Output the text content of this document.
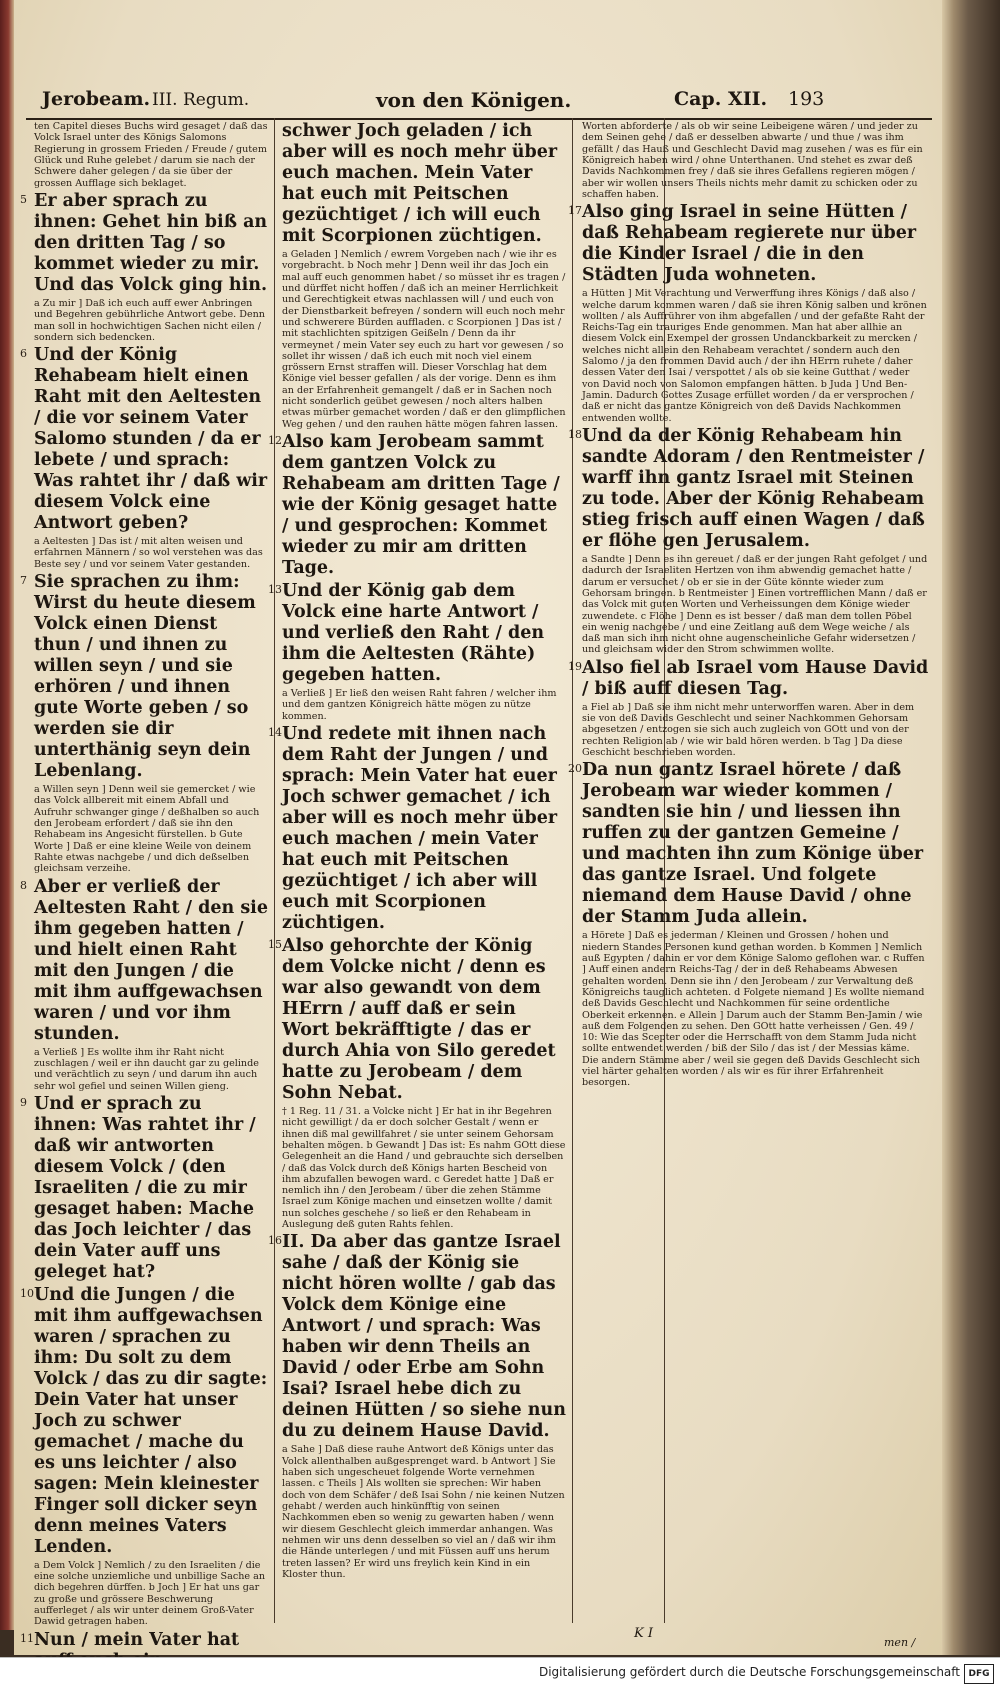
Jerobeam. III. Regum.	von den Königen.	Cap. XII. 193
ten Capitel dieses Buchs wird gesaget / daß das Volck Israel unter des Königs Salomons Regierung in grossem Frieden / Freude / gutem Glück und Ruhe gelebet / darum sie nach der Schwere daher gelegen / da sie über der grossen Aufflage sich beklaget.
5 Er aber sprach zu ihnen: Gehet hin biß an den dritten Tag / so kommet wieder zu mir. Und das Volck ging hin.
a Zu mir ] Daß ich euch auff ewer Anbringen und Begehren gebührliche Antwort gebe. Denn man soll in hochwichtigen Sachen nicht eilen / sondern sich bedencken.
6 Und der König Rehabeam hielt einen Raht mit den Aeltesten / die vor seinem Vater Salomo stunden / da er lebete / und sprach: Was rahtet ihr / daß wir diesem Volck eine Antwort geben?
a Aeltesten ] Das ist / mit alten weisen und erfahrnen Männern / so wol verstehen was das Beste sey / und vor seinem Vater gestanden.
7 Sie sprachen zu ihm: Wirst du heute diesem Volck einen Dienst thun / und ihnen zu willen seyn / und sie erhören / und ihnen gute Worte geben / so werden sie dir unterthänig seyn dein Lebenlang.
a Willen seyn ] Denn weil sie gemercket / wie das Volck allbereit mit einem Abfall und Aufruhr schwanger ginge / deßhalben so auch den Jerobeam erfordert / daß sie ihn den Rehabeam ins Angesicht fürstellen. b Gute Worte ] Daß er eine kleine Weile von deinem Rahte etwas nachgebe / und dich deßselben gleichsam verzeihe.
8 Aber er verließ der Aeltesten Raht / den sie ihm gegeben hatten / und hielt einen Raht mit den Jungen / die mit ihm auffgewachsen waren / und vor ihm stunden.
a Verließ ] Es wollte ihm ihr Raht nicht zuschlagen / weil er ihn daucht gar zu gelinde und verächtlich zu seyn / und darum ihn auch sehr wol gefiel und seinen Willen gieng.
9 Und er sprach zu ihnen: Was rahtet ihr / daß wir antworten diesem Volck / (den Israeliten / die zu mir gesaget haben: Mache das Joch leichter / das dein Vater auff uns geleget hat?
10 Und die Jungen / die mit ihm auffgewachsen waren / sprachen zu ihm: Du solt zu dem Volck / das zu dir sagte: Dein Vater hat unser Joch zu schwer gemachet / mache du es uns leichter / also sagen: Mein kleinester Finger soll dicker seyn denn meines Vaters Lenden.
a Dem Volck ] Nemlich / zu den Israeliten / die eine solche unziemliche und unbillige Sache an dich begehren dürffen. b Joch ] Er hat uns gar zu große und grössere Beschwerung aufferleget / als wir unter deinem Groß-Vater Dawid getragen haben.
11 Nun / mein Vater hat
schwer Joch geladen / ich aber will es noch mehr über euch machen. Mein Vater hat euch mit Peitschen gezüchtiget / ich will euch mit Scorpionen züchtigen.
a Geladen ] Nemlich / ewrem Vorgeben nach / wie ihr es vorgebracht. b Noch mehr ] Denn weil ihr das Joch ein mal auff euch genommen habet / so müsset ihr es tragen / und dürffet nicht hoffen / daß ich an meiner Herrlichkeit und Gerechtigkeit etwas nachlassen will / und euch von der Dienstbarkeit befreyen / sondern will euch noch mehr und schwerere Bürden auffladen. c Scorpionen ] Das ist / mit stachlichten spitzigen Geißeln / Denn da ihr vermeynet / mein Vater sey euch zu hart vor gewesen / so sollet ihr wissen / daß ich euch mit noch viel einem grössern Ernst straffen will. Dieser Vorschlag hat dem Könige viel besser gefallen / als der vorige. Denn es ihm an der Erfahrenheit gemangelt / daß er in Sachen noch nicht sonderlich geübet gewesen / noch alters halben etwas mürber gemachet worden / daß er den glimpflichen Weg gehen / und den rauhen hätte mögen fahren lassen.
12 Also kam Jerobeam sammt dem gantzen Volck zu Rehabeam am dritten Tage / wie der König gesaget hatte / und gesprochen: Kommet wieder zu mir am dritten Tage.
13 Und der König gab dem Volck eine harte Antwort / und verließ den Raht / den ihm die Aeltesten (Rähte) gegeben hatten.
a Verließ ] Er ließ den weisen Raht fahren / welcher ihm und dem gantzen Königreich hätte mögen zu nütze kommen.
14 Und redete mit ihnen nach dem Raht der Jungen / und sprach: Mein Vater hat euer Joch schwer gemachet / ich aber will es noch mehr über euch machen / mein Vater hat euch mit Peitschen gezüchtiget / ich aber will euch mit Scorpionen züchtigen.
15 Also gehorchte der König dem Volcke nicht / denn es war also gewandt von dem HErrn / auff daß er sein Wort bekräfftigte / das er durch Ahia von Silo geredet hatte zu Jerobeam / dem Sohn Nebat.
† 1 Reg. 11 / 31. a Volcke nicht ] Er hat in ihr Begehren nicht gewilligt / da er doch solcher Gestalt / wenn er ihnen diß mal gewillfahret / sie unter seinem Gehorsam behalten mögen. b Gewandt ] Das ist: Es nahm GOtt diese Gelegenheit an die Hand / und gebrauchte sich derselben / daß das Volck durch deß Königs harten Bescheid von ihm abzufallen bewogen ward. c Geredet hatte ] Daß er nemlich ihn / den Jerobeam / über die zehen Stämme Israel zum Könige machen und einsetzen wollte / damit nun solches geschehe / so ließ er den Rehabeam in Auslegung deß guten Rahts fehlen.
16 II. Da aber das gantze Israel sahe / daß der König sie nicht hören wollte / gab das Volck dem Könige eine Antwort / und sprach: Was haben wir denn Theils an David / oder Erbe am Sohn Isai? Israel hebe dich zu deinen Hütten / so siehe nun du zu deinem Hause David.
a Sahe ] Daß diese rauhe Antwort deß Königs unter das Volck allenthalben außgesprenget ward. b Antwort ] Sie haben sich ungescheuet folgende Worte vernehmen lassen. c Theils ] Als wollten sie sprechen: Wir haben doch von dem Schäfer / deß Isai Sohn / nie keinen Nutzen gehabt / werden auch hinkünfftig von seinen Nachkommen eben so wenig zu gewarten haben / wenn wir diesem Geschlecht gleich immerdar anhangen. Was nehmen wir uns denn desselben so viel an / daß wir ihm die Hände unterlegen / und mit Füssen auff uns herum treten lassen? Er wird uns freylich kein Kind in ein Kloster thun.
Worten abforderte / als ob wir seine Leibeigene wären / und jeder zu dem Seinen gehe / daß er desselben abwarte / und thue / was ihm gefällt / das Hauß und Geschlecht David mag zusehen / was es für ein Königreich haben wird / ohne Unterthanen. Und stehet es zwar deß Davids Nachkommen frey / daß sie ihres Gefallens regieren mögen / aber wir wollen unsers Theils nichts mehr damit zu schicken oder zu schaffen haben.
17 Also ging Israel in seine Hütten / daß Rehabeam regierete nur über die Kinder Israel / die in den Städten Juda wohneten.
a Hütten ] Mit Verachtung und Verwerffung ihres Königs / daß also / welche darum kommen waren / daß sie ihren König salben und krönen wollten / als Auffrührer von ihm abgefallen / und der gefaßte Raht der Reichs-Tag ein trauriges Ende genommen. Man hat aber allhie an diesem Volck ein Exempel der grossen Undanckbarkeit zu mercken / welches nicht allein den Rehabeam verachtet / sondern auch den Salomo / ja den frommen David auch / der ihn HErrn ruhete / daher dessen Vater den Isai / verspottet / als ob sie keine Gutthat / weder von David noch von Salomon empfangen hätten. b Juda ] Und Ben-Jamin. Dadurch Gottes Zusage erfüllet worden / da er versprochen / daß er nicht das gantze Königreich von deß Davids Nachkommen entwenden wollte.
18 Und da der König Rehabeam hin sandte Adoram / den Rentmeister / warff ihn gantz Israel mit Steinen zu tode. Aber der König Rehabeam stieg frisch auff einen Wagen / daß er flöhe gen Jerusalem.
a Sandte ] Denn es ihn gereuet / daß er der jungen Raht gefolget / und dadurch der Israeliten Hertzen von ihm abwendig gemachet hatte / darum er versuchet / ob er sie in der Güte könnte wieder zum Gehorsam bringen. b Rentmeister ] Einen vortrefflichen Mann / daß er das Volck mit guten Worten und Verheissungen dem Könige wieder zuwendete. c Flöhe ] Denn es ist besser / daß man dem tollen Pöbel ein wenig nachgebe / und eine Zeitlang auß dem Wege weiche / als daß man sich ihm nicht ohne augenscheinliche Gefahr widersetzen / und gleichsam wider den Strom schwimmen wollte.
19 Also fiel ab Israel vom Hause David / biß auff diesen Tag.
a Fiel ab ] Daß sie ihm nicht mehr unterworffen waren. Aber in dem sie von deß Davids Geschlecht und seiner Nachkommen Gehorsam abgesetzen / entzogen sie sich auch zugleich von GOtt und von der rechten Religion ab / wie wir bald hören werden. b Tag ] Da diese Geschicht beschrieben worden.
20 Da nun gantz Israel hörete / daß Jerobeam war wieder kommen / sandten sie hin / und liessen ihn ruffen zu der gantzen Gemeine / und machten ihn zum Könige über das gantze Israel. Und folgete niemand dem Hause David / ohne der Stamm Juda allein.
a Hörete ] Daß es jederman / Kleinen und Grossen / hohen und niedern Standes Personen kund gethan worden. b Kommen ] Nemlich auß Egypten / dahin er vor dem Könige Salomo geflohen war. c Ruffen ] Auff einen andern Reichs-Tag / der in deß Rehabeams Abwesen gehalten worden. Denn sie ihn / den Jerobeam / zur Verwaltung deß Königreichs tauglich achteten. d Folgete niemand ] Es wollte niemand deß Davids Geschlecht und Nachkommen für seine ordentliche Oberkeit erkennen. e Allein ] Darum auch der Stamm Ben-Jamin / wie auß dem Folgenden zu sehen. Den GOtt hatte verheissen / Gen. 49 / 10: Wie das Scepter oder die Herrschafft von dem Stamm Juda nicht sollte entwendet werden / biß der Silo / das ist / der Messias käme. Die andern Stämme aber / weil sie gegen deß Davids Geschlecht sich viel härter gehalten worden / als wir es für ihrer Erfahrenheit besorgen.
K I
men /
Digitalisierung gefördert durch die Deutsche Forschungsgemeinschaft DFG
